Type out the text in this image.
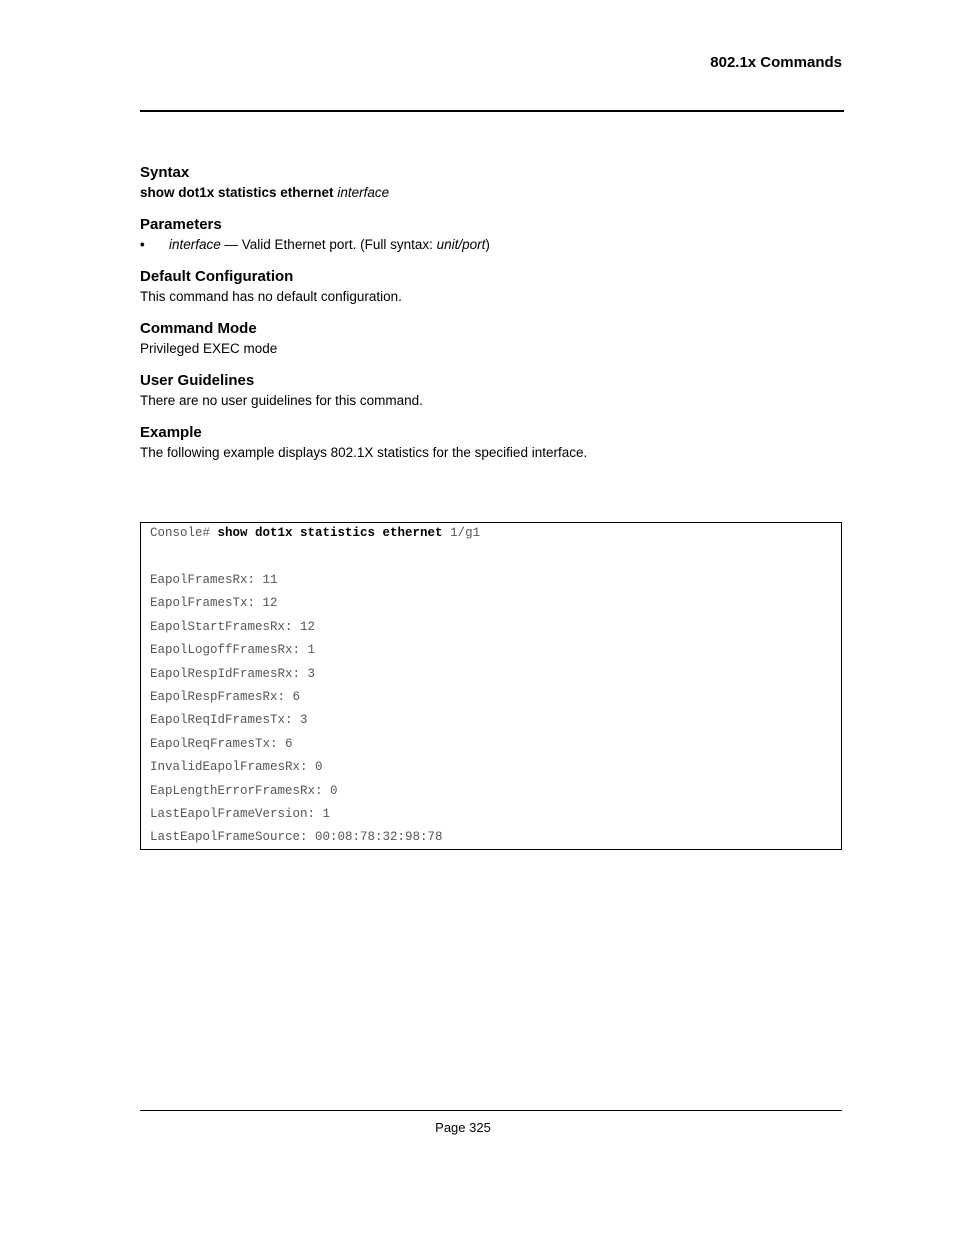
802.1x Commands

Syntax

show dot1x statistics ethernet interface

Parameters

•	interface — Valid Ethernet port. (Full syntax: unit/port)

Default Configuration

This command has no default configuration.

Command Mode

Privileged EXEC mode

User Guidelines

There are no user guidelines for this command.

Example

The following example displays 802.1X statistics for the specified interface.

Console# show dot1x statistics ethernet 1/g1
EapolFramesRx: 11
EapolFramesTx: 12
EapolStartFramesRx: 12
EapolLogoffFramesRx: 1
EapolRespIdFramesRx: 3
EapolRespFramesRx: 6
EapolReqIdFramesTx: 3
EapolReqFramesTx: 6
InvalidEapolFramesRx: 0
EapLengthErrorFramesRx: 0
LastEapolFrameVersion: 1
LastEapolFrameSource: 00:08:78:32:98:78
Page 325
